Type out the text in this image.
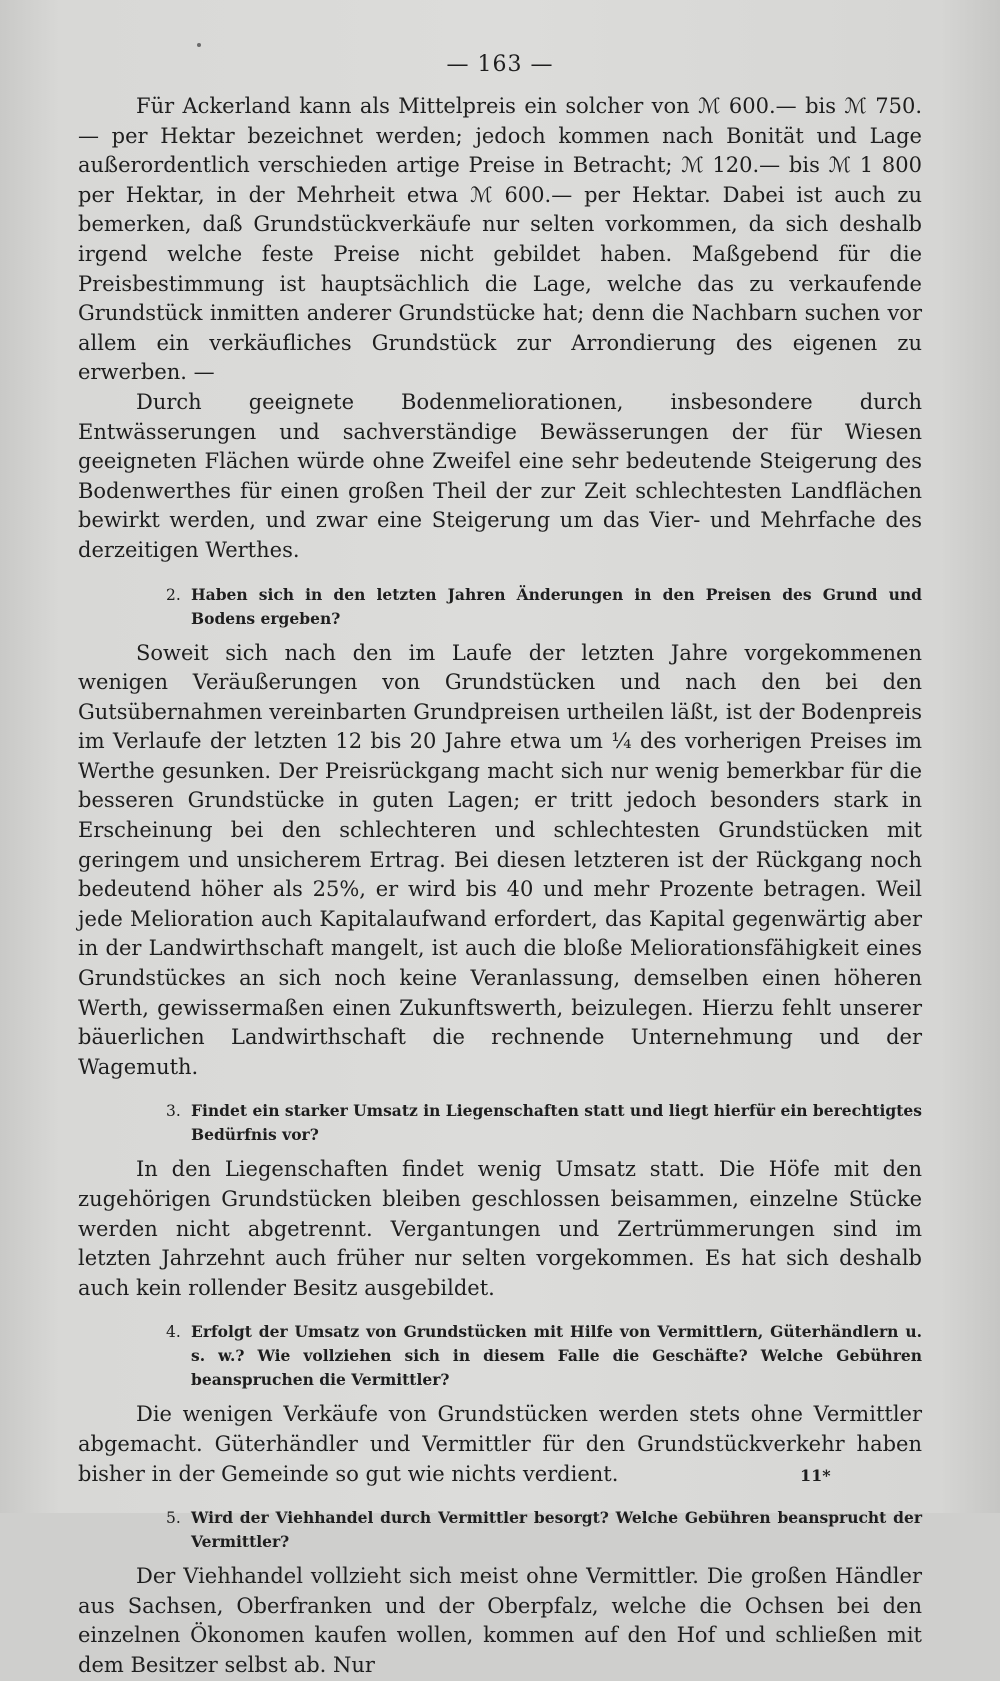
— 163 —

Für Ackerland kann als Mittelpreis ein solcher von ℳ 600.— bis ℳ 750.— per Hektar bezeichnet werden; jedoch kommen nach Bonität und Lage außerordentlich verschieden artige Preise in Betracht; ℳ 120.— bis ℳ 1 800 per Hektar, in der Mehrheit etwa ℳ 600.— per Hektar. Dabei ist auch zu bemerken, daß Grundstückverkäufe nur selten vorkommen, da sich deshalb irgend welche feste Preise nicht gebildet haben. Maßgebend für die Preisbestimmung ist hauptsächlich die Lage, welche das zu verkaufende Grundstück inmitten anderer Grundstücke hat; denn die Nachbarn suchen vor allem ein verkäufliches Grundstück zur Arrondierung des eigenen zu erwerben. —

Durch geeignete Bodenmeliorationen, insbesondere durch Entwässerungen und sachverständige Bewässerungen der für Wiesen geeigneten Flächen würde ohne Zweifel eine sehr bedeutende Steigerung des Bodenwerthes für einen großen Theil der zur Zeit schlechtesten Landflächen bewirkt werden, und zwar eine Steigerung um das Vier- und Mehrfache des derzeitigen Werthes.

2. Haben sich in den letzten Jahren Änderungen in den Preisen des Grund und Bodens ergeben?

Soweit sich nach den im Laufe der letzten Jahre vorgekommenen wenigen Veräußerungen von Grundstücken und nach den bei den Gutsübernahmen vereinbarten Grundpreisen urtheilen läßt, ist der Bodenpreis im Verlaufe der letzten 12 bis 20 Jahre etwa um ¼ des vorherigen Preises im Werthe gesunken. Der Preisrückgang macht sich nur wenig bemerkbar für die besseren Grundstücke in guten Lagen; er tritt jedoch besonders stark in Erscheinung bei den schlechteren und schlechtesten Grundstücken mit geringem und unsicherem Ertrag. Bei diesen letzteren ist der Rückgang noch bedeutend höher als 25%, er wird bis 40 und mehr Prozente betragen. Weil jede Melioration auch Kapitalaufwand erfordert, das Kapital gegenwärtig aber in der Landwirthschaft mangelt, ist auch die bloße Meliorationsfähigkeit eines Grundstückes an sich noch keine Veranlassung, demselben einen höheren Werth, gewissermaßen einen Zukunftswerth, beizulegen. Hierzu fehlt unserer bäuerlichen Landwirthschaft die rechnende Unternehmung und der Wagemuth.

3. Findet ein starker Umsatz in Liegenschaften statt und liegt hierfür ein berechtigtes Bedürfnis vor?

In den Liegenschaften findet wenig Umsatz statt. Die Höfe mit den zugehörigen Grundstücken bleiben geschlossen beisammen, einzelne Stücke werden nicht abgetrennt. Vergantungen und Zertrümmerungen sind im letzten Jahrzehnt auch früher nur selten vorgekommen. Es hat sich deshalb auch kein rollender Besitz ausgebildet.

4. Erfolgt der Umsatz von Grundstücken mit Hilfe von Vermittlern, Güterhändlern u. s. w.? Wie vollziehen sich in diesem Falle die Geschäfte? Welche Gebühren beanspruchen die Vermittler?

Die wenigen Verkäufe von Grundstücken werden stets ohne Vermittler abgemacht. Güterhändler und Vermittler für den Grundstückverkehr haben bisher in der Gemeinde so gut wie nichts verdient.

5. Wird der Viehhandel durch Vermittler besorgt? Welche Gebühren beansprucht der Vermittler?

Der Viehhandel vollzieht sich meist ohne Vermittler. Die großen Händler aus Sachsen, Oberfranken und der Oberpfalz, welche die Ochsen bei den einzelnen Ökonomen kaufen wollen, kommen auf den Hof und schließen mit dem Besitzer selbst ab. Nur

11*
